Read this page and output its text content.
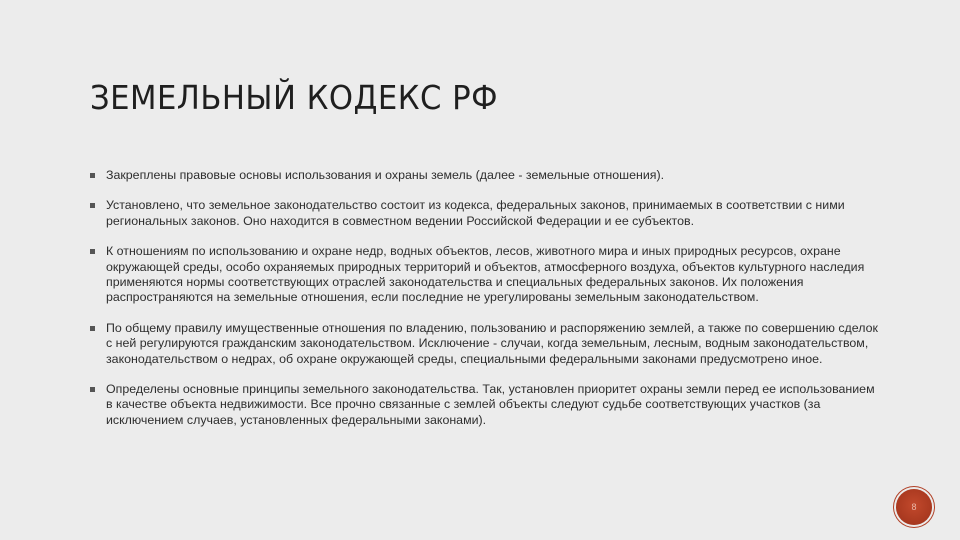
ЗЕМЕЛЬНЫЙ КОДЕКС РФ
Закреплены правовые основы использования и охраны земель (далее - земельные отношения).
Установлено, что земельное законодательство состоит из кодекса, федеральных законов, принимаемых в соответствии с ними региональных законов. Оно находится в совместном ведении Российской Федерации и ее субъектов.
К отношениям по использованию и охране недр, водных объектов, лесов, животного мира и иных природных ресурсов, охране окружающей среды, особо охраняемых природных территорий и объектов, атмосферного воздуха, объектов культурного наследия применяются нормы соответствующих отраслей законодательства и специальных федеральных законов. Их положения распространяются на земельные отношения, если последние не урегулированы земельным законодательством.
По общему правилу имущественные отношения по владению, пользованию и распоряжению землей, а также по совершению сделок с ней регулируются гражданским законодательством. Исключение - случаи, когда земельным, лесным, водным законодательством, законодательством о недрах, об охране окружающей среды, специальными федеральными законами предусмотрено иное.
Определены основные принципы земельного законодательства. Так, установлен приоритет охраны земли перед ее использованием в качестве объекта недвижимости. Все прочно связанные с землей объекты следуют судьбе соответствующих участков (за исключением случаев, установленных федеральными законами).
8
